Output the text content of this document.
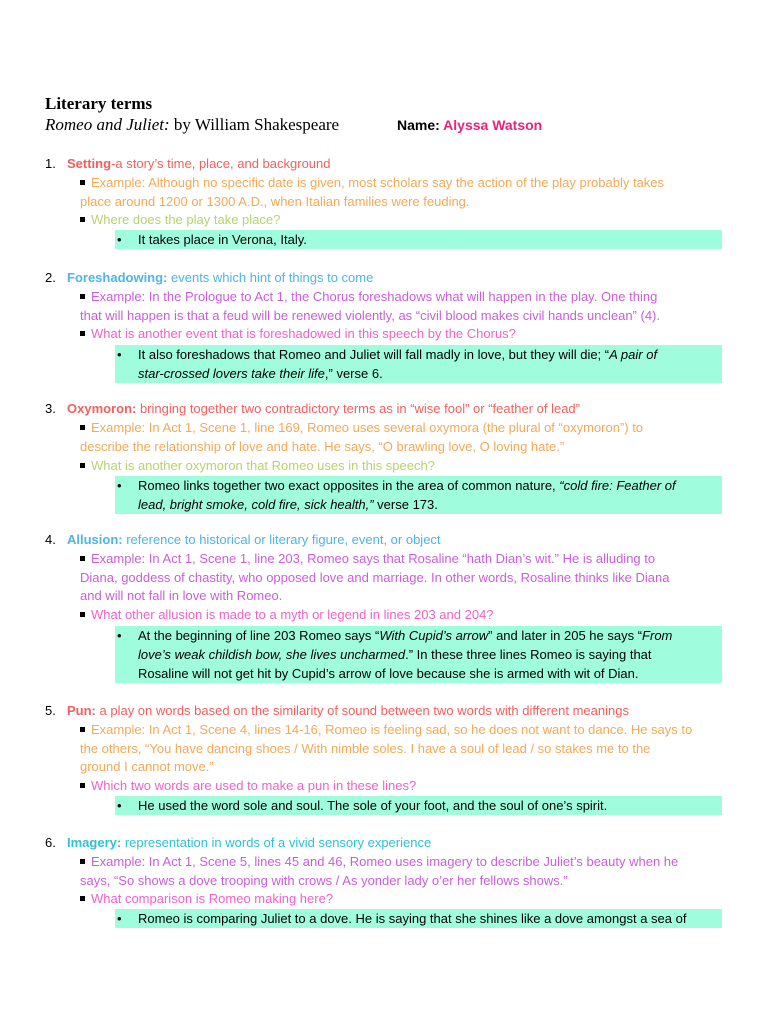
Literary terms
Romeo and Juliet: by William Shakespeare	Name: Alyssa Watson
1. Setting-a story’s time, place, and background
Example: Although no specific date is given, most scholars say the action of the play probably takes
place around 1200 or 1300 A.D., when Italian families were feuding.
Where does the play take place?
•	It takes place in Verona, Italy.
2. Foreshadowing: events which hint of things to come
Example: In the Prologue to Act 1, the Chorus foreshadows what will happen in the play. One thing
that will happen is that a feud will be renewed violently, as “civil blood makes civil hands unclean” (4).
What is another event that is foreshadowed in this speech by the Chorus?
•	It also foreshadows that Romeo and Juliet will fall madly in love, but they will die; “A pair of
star-crossed lovers take their life,” verse 6.
3. Oxymoron: bringing together two contradictory terms as in “wise fool” or “feather of lead”
Example: In Act 1, Scene 1, line 169, Romeo uses several oxymora (the plural of “oxymoron”) to
describe the relationship of love and hate. He says, “O brawling love, O loving hate.”
What is another oxymoron that Romeo uses in this speech?
•	Romeo links together two exact opposites in the area of common nature, “cold fire: Feather of
lead, bright smoke, cold fire, sick health,” verse 173.
4. Allusion: reference to historical or literary figure, event, or object
Example: In Act 1, Scene 1, line 203, Romeo says that Rosaline “hath Dian’s wit.” He is alluding to
Diana, goddess of chastity, who opposed love and marriage. In other words, Rosaline thinks like Diana
and will not fall in love with Romeo.
What other allusion is made to a myth or legend in lines 203 and 204?
•	At the beginning of line 203 Romeo says “With Cupid’s arrow” and later in 205 he says “From
love’s weak childish bow, she lives uncharmed.” In these three lines Romeo is saying that
Rosaline will not get hit by Cupid’s arrow of love because she is armed with wit of Dian.
5. Pun: a play on words based on the similarity of sound between two words with different meanings
Example: In Act 1, Scene 4, lines 14-16, Romeo is feeling sad, so he does not want to dance. He says to
the others, “You have dancing shoes / With nimble soles. I have a soul of lead / so stakes me to the
ground I cannot move.”
Which two words are used to make a pun in these lines?
•	He used the word sole and soul. The sole of your foot, and the soul of one’s spirit.
6. Imagery: representation in words of a vivid sensory experience
Example: In Act 1, Scene 5, lines 45 and 46, Romeo uses imagery to describe Juliet’s beauty when he
says, “So shows a dove trooping with crows / As yonder lady o’er her fellows shows.”
What comparison is Romeo making here?
•	Romeo is comparing Juliet to a dove. He is saying that she shines like a dove amongst a sea of
